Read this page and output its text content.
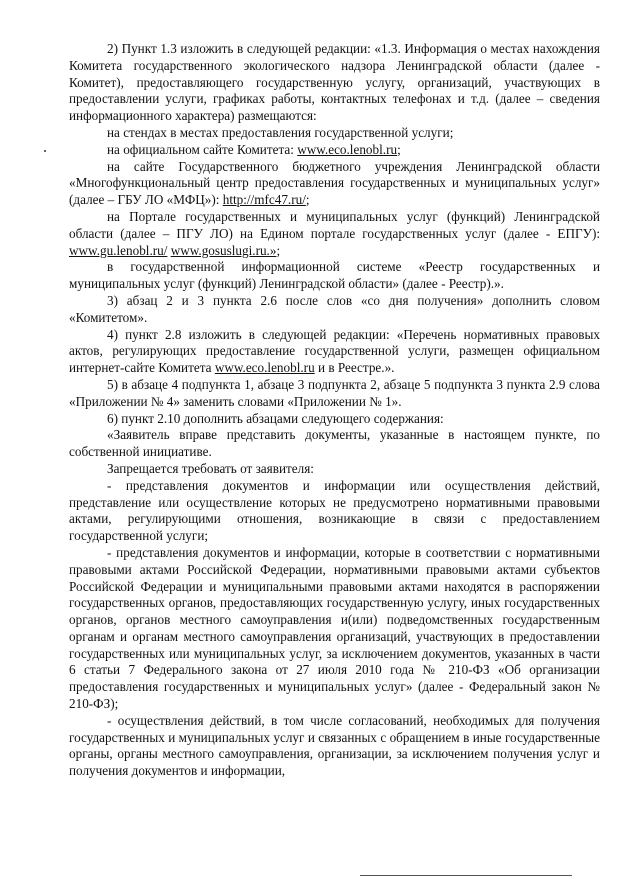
2) Пункт 1.3 изложить в следующей редакции: «1.3. Информация о местах нахождения Комитета государственного экологического надзора Ленинградской области (далее - Комитет), предоставляющего государственную услугу, организаций, участвующих в предоставлении услуги, графиках работы, контактных телефонах и т.д. (далее – сведения информационного характера) размещаются:

на стендах в местах предоставления государственной услуги;

на официальном сайте Комитета: www.eco.lenobl.ru;

на сайте Государственного бюджетного учреждения Ленинградской области «Многофункциональный центр предоставления государственных и муниципальных услуг» (далее – ГБУ ЛО «МФЦ»): http://mfc47.ru/;

на Портале государственных и муниципальных услуг (функций) Ленинградской области (далее – ПГУ ЛО) на Едином портале государственных услуг (далее - ЕПГУ): www.gu.lenobl.ru/ www.gosuslugi.ru.»;

в государственной информационной системе «Реестр государственных и муниципальных услуг (функций) Ленинградской области» (далее - Реестр).».

3) абзац 2 и 3 пункта 2.6 после слов «со дня получения» дополнить словом «Комитетом».

4) пункт 2.8 изложить в следующей редакции: «Перечень нормативных правовых актов, регулирующих предоставление государственной услуги, размещен официальном интернет-сайте Комитета www.eco.lenobl.ru и в Реестре.».

5) в абзаце 4 подпункта 1, абзаце 3 подпункта 2, абзаце 5 подпункта 3 пункта 2.9 слова «Приложении № 4» заменить словами «Приложении № 1».

6) пункт 2.10 дополнить абзацами следующего содержания:

«Заявитель вправе представить документы, указанные в настоящем пункте, по собственной инициативе.

Запрещается требовать от заявителя:

- представления документов и информации или осуществления действий, представление или осуществление которых не предусмотрено нормативными правовыми актами, регулирующими отношения, возникающие в связи с предоставлением государственной услуги;

- представления документов и информации, которые в соответствии с нормативными правовыми актами Российской Федерации, нормативными правовыми актами субъектов Российской Федерации и муниципальными правовыми актами находятся в распоряжении государственных органов, предоставляющих государственную услугу, иных государственных органов, органов местного самоуправления и(или) подведомственных государственным органам и органам местного самоуправления организаций, участвующих в предоставлении государственных или муниципальных услуг, за исключением документов, указанных в части 6 статьи 7 Федерального закона от 27 июля 2010 года № 210-ФЗ «Об организации предоставления государственных и муниципальных услуг» (далее - Федеральный закон № 210-ФЗ);

- осуществления действий, в том числе согласований, необходимых для получения государственных и муниципальных услуг и связанных с обращением в иные государственные органы, органы местного самоуправления, организации, за исключением получения услуг и получения документов и информации,
